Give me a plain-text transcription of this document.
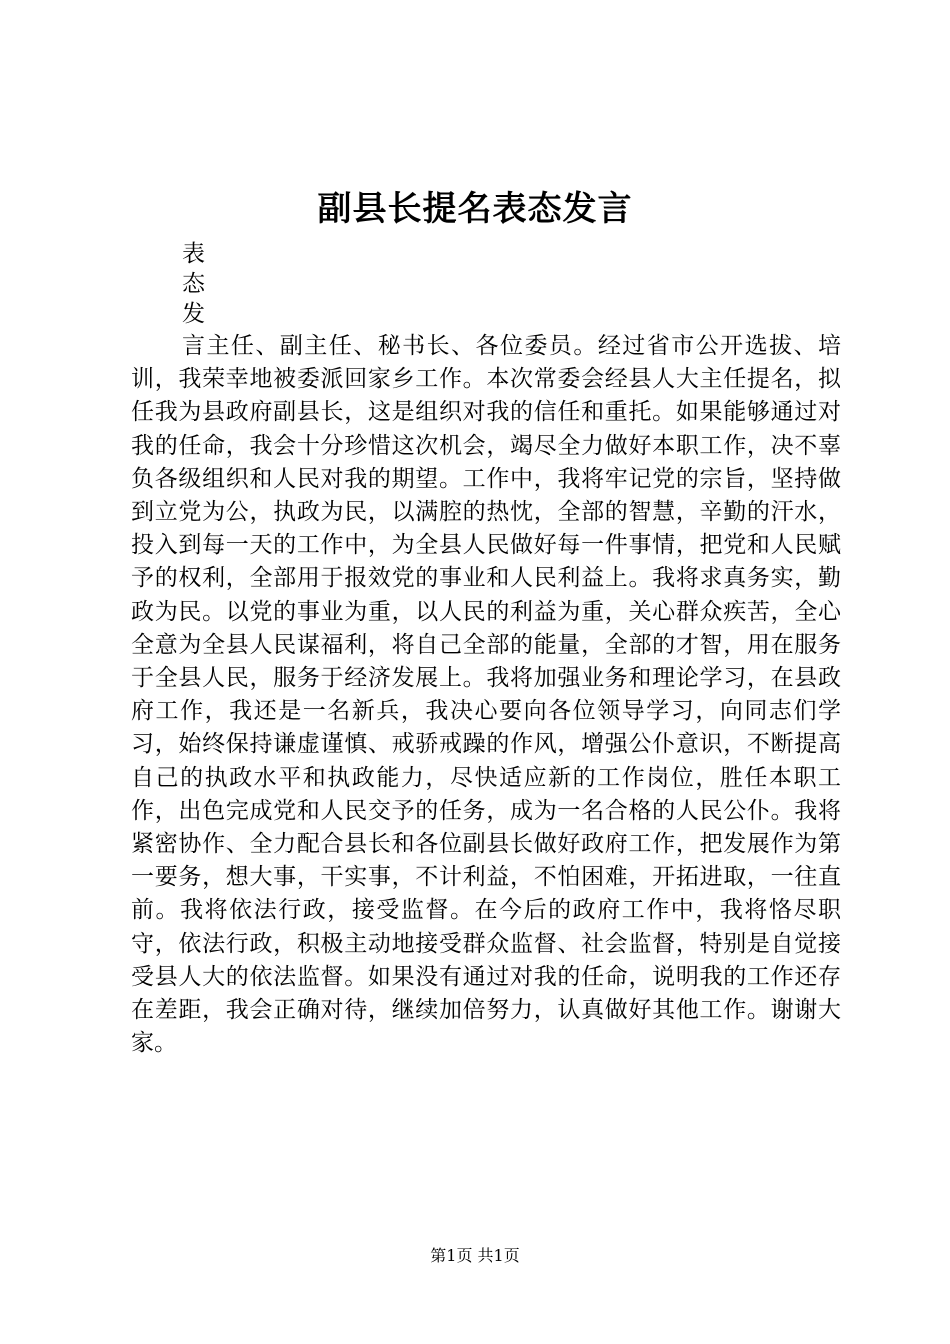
副县长提名表态发言
表
态
发
言主任、副主任、秘书长、各位委员。经过省市公开选拔、培训，我荣幸地被委派回家乡工作。本次常委会经县人大主任提名，拟任我为县政府副县长，这是组织对我的信任和重托。如果能够通过对我的任命，我会十分珍惜这次机会，竭尽全力做好本职工作，决不辜负各级组织和人民对我的期望。工作中，我将牢记党的宗旨，坚持做到立党为公，执政为民，以满腔的热忱，全部的智慧，辛勤的汗水，投入到每一天的工作中，为全县人民做好每一件事情，把党和人民赋予的权利，全部用于报效党的事业和人民利益上。我将求真务实，勤政为民。以党的事业为重，以人民的利益为重，关心群众疾苦，全心全意为全县人民谋福利，将自己全部的能量，全部的才智，用在服务于全县人民，服务于经济发展上。我将加强业务和理论学习，在县政府工作，我还是一名新兵，我决心要向各位领导学习，向同志们学习，始终保持谦虚谨慎、戒骄戒躁的作风，增强公仆意识，不断提高自己的执政水平和执政能力，尽快适应新的工作岗位，胜任本职工作，出色完成党和人民交予的任务，成为一名合格的人民公仆。我将紧密协作、全力配合县长和各位副县长做好政府工作，把发展作为第一要务，想大事，干实事，不计利益，不怕困难，开拓进取，一往直前。我将依法行政，接受监督。在今后的政府工作中，我将恪尽职守，依法行政，积极主动地接受群众监督、社会监督，特别是自觉接受县人大的依法监督。如果没有通过对我的任命，说明我的工作还存在差距，我会正确对待，继续加倍努力，认真做好其他工作。谢谢大家。
第1页 共1页
